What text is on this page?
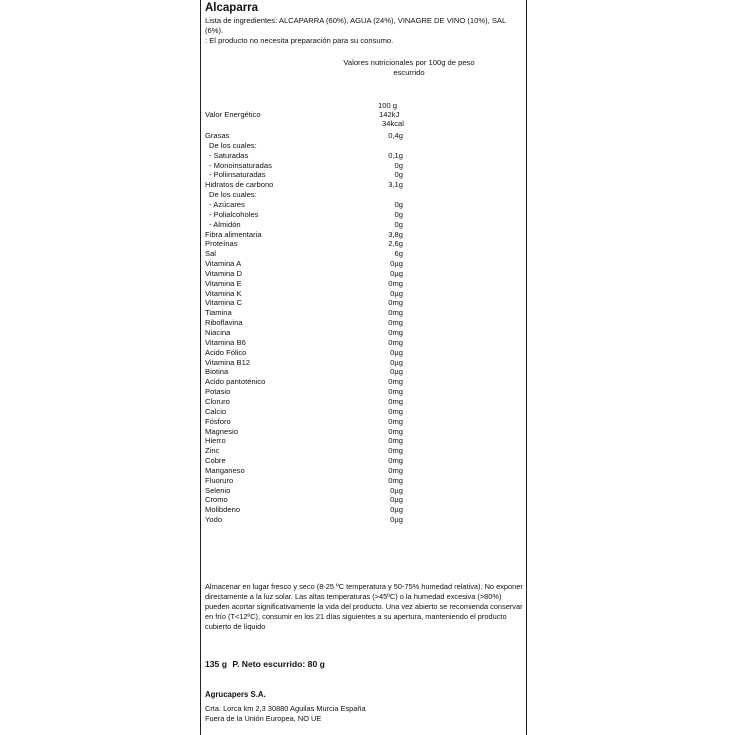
Alcaparra
Lista de ingredientes: ALCAPARRA (60%), AGUA (24%), VINAGRE DE VINO (10%), SAL (6%).
: El producto no necesita preparación para su consumo.
Valores nutricionales por 100g de peso escurrido
100 g
Valor Energético	142kJ
34kcal
Grasas	0,4g
De los cuales:
- Saturadas	0,1g
- Monoinsaturadas	0g
- Poliinsaturadas	0g
Hidratos de carbono	3,1g
De los cuales:
- Azúcares	0g
- Polialcoholes	0g
- Almidón	0g
Fibra alimentaria	3,8g
Proteínas	2,6g
Sal	6g
Vitamina A	0µg
Vitamina D	0µg
Vitamina E	0mg
Vitamina K	0µg
Vitamina C	0mg
Tiamina	0mg
Riboflavina	0mg
Niacina	0mg
Vitamina B6	0mg
Acido Fólico	0µg
Vitamina B12	0µg
Biotina	0µg
Acido pantoténico	0mg
Potasio	0mg
Cloruro	0mg
Calcio	0mg
Fósforo	0mg
Magnesio	0mg
Hierro	0mg
Zinc	0mg
Cobre	0mg
Manganeso	0mg
Fluoruro	0mg
Selenio	0µg
Cromo	0µg
Molibdeno	0µg
Yodo	0µg
Almacenar en lugar fresco y seco (8-25 ºC temperatura y 50-75% humedad relativa). No exponer directamente a la luz solar. Las altas temperaturas (>45ºC) o la humedad excesiva (>80%) pueden acortar significativamente la vida del producto. Una vez abierto se recomienda conservar en frío (T<12ºC), consumir en los 21 días siguientes a su apertura, manteniendo el producto cubierto de líquido
135 g P. Neto escurrido: 80 g
Agrucapers S.A.
Crta. Lorca km 2,3 30880 Aguilas Murcia España
Fuera de la Unión Europea, NO UE
